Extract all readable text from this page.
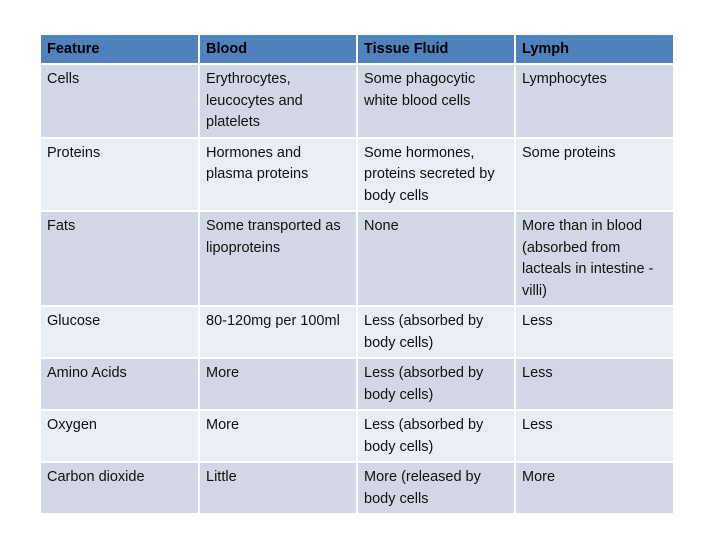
Feature	Blood	Tissue Fluid	Lymph
Cells	Erythrocytes, leucocytes and platelets	Some phagocytic white blood cells	Lymphocytes
Proteins	Hormones and plasma proteins	Some hormones, proteins secreted by body cells	Some proteins
Fats	Some transported as lipoproteins	None	More than in blood (absorbed from lacteals in intestine -villi)
Glucose	80-120mg per 100ml	Less (absorbed by body cells)	Less
Amino Acids	More	Less (absorbed by body cells)	Less
Oxygen	More	Less (absorbed by body cells)	Less
Carbon dioxide	Little	More (released by body cells	More
